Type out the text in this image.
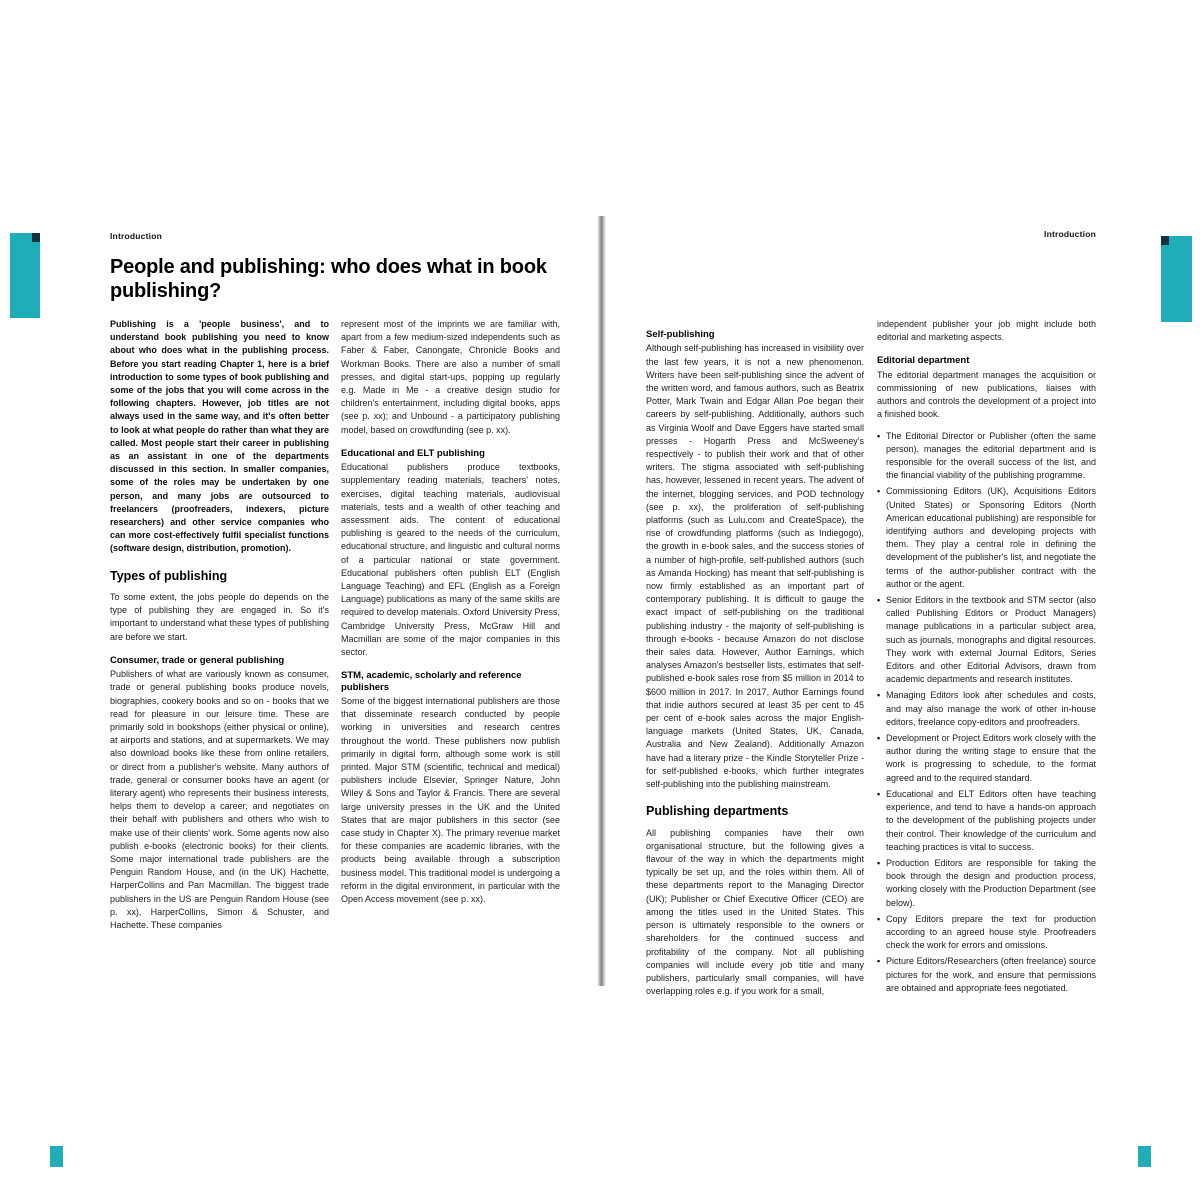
Introduction	Introduction
People and publishing: who does what in book publishing?
Publishing is a 'people business', and to understand book publishing you need to know about who does what in the publishing process. Before you start reading Chapter 1, here is a brief introduction to some types of book publishing and some of the jobs that you will come across in the following chapters. However, job titles are not always used in the same way, and it's often better to look at what people do rather than what they are called. Most people start their career in publishing as an assistant in one of the departments discussed in this section. In smaller companies, some of the roles may be undertaken by one person, and many jobs are outsourced to freelancers (proofreaders, indexers, picture researchers) and other service companies who can more cost-effectively fulfil specialist functions (software design, distribution, promotion).
Types of publishing
To some extent, the jobs people do depends on the type of publishing they are engaged in. So it's important to understand what these types of publishing are before we start.
Consumer, trade or general publishing
Publishers of what are variously known as consumer, trade or general publishing books produce novels, biographies, cookery books and so on - books that we read for pleasure in our leisure time. These are primarily sold in bookshops (either physical or online), at airports and stations, and at supermarkets. We may also download books like these from online retailers, or direct from a publisher's website. Many authors of trade, general or consumer books have an agent (or literary agent) who represents their business interests, helps them to develop a career, and negotiates on their behalf with publishers and others who wish to make use of their clients' work. Some agents now also publish e-books (electronic books) for their clients. Some major international trade publishers are the Penguin Random House, and (in the UK) Hachette, HarperCollins and Pan Macmillan. The biggest trade publishers in the US are Penguin Random House (see p. xx), HarperCollins, Simon & Schuster, and Hachette. These companies
represent most of the imprints we are familiar with, apart from a few medium-sized independents such as Faber & Faber, Canongate, Chronicle Books and Workman Books. There are also a number of small presses, and digital start-ups, popping up regularly e.g. Made in Me - a creative design studio for children's entertainment, including digital books, apps (see p. xx); and Unbound - a participatory publishing model, based on crowdfunding (see p. xx).
Educational and ELT publishing
Educational publishers produce textbooks, supplementary reading materials, teachers' notes, exercises, digital teaching materials, audiovisual materials, tests and a wealth of other teaching and assessment aids. The content of educational publishing is geared to the needs of the curriculum, educational structure, and linguistic and cultural norms of a particular national or state government. Educational publishers often publish ELT (English Language Teaching) and EFL (English as a Foreign Language) publications as many of the same skills are required to develop materials. Oxford University Press, Cambridge University Press, McGraw Hill and Macmillan are some of the major companies in this sector.
STM, academic, scholarly and reference publishers
Some of the biggest international publishers are those that disseminate research conducted by people working in universities and research centres throughout the world. These publishers now publish primarily in digital form, although some work is still printed. Major STM (scientific, technical and medical) publishers include Elsevier, Springer Nature, John Wiley & Sons and Taylor & Francis. There are several large university presses in the UK and the United States that are major publishers in this sector (see case study in Chapter X). The primary revenue market for these companies are academic libraries, with the products being available through a subscription business model. This traditional model is undergoing a reform in the digital environment, in particular with the Open Access movement (see p. xx).
Self-publishing
Although self-publishing has increased in visibility over the last few years, it is not a new phenomenon. Writers have been self-publishing since the advent of the written word, and famous authors, such as Beatrix Potter, Mark Twain and Edgar Allan Poe began their careers by self-publishing. Additionally, authors such as Virginia Woolf and Dave Eggers have started small presses - Hogarth Press and McSweeney's respectively - to publish their work and that of other writers. The stigma associated with self-publishing has, however, lessened in recent years. The advent of the internet, blogging services, and POD technology (see p. xx), the proliferation of self-publishing platforms (such as Lulu.com and CreateSpace), the rise of crowdfunding platforms (such as Indiegogo), the growth in e-book sales, and the success stories of a number of high-profile, self-published authors (such as Amanda Hocking) has meant that self-publishing is now firmly established as an important part of contemporary publishing. It is difficult to gauge the exact impact of self-publishing on the traditional publishing industry - the majority of self-publishing is through e-books - because Amazon do not disclose their sales data. However, Author Earnings, which analyses Amazon's bestseller lists, estimates that self-published e-book sales rose from $5 million in 2014 to $600 million in 2017. In 2017, Author Earnings found that indie authors secured at least 35 per cent to 45 per cent of e-book sales across the major English-language markets (United States, UK, Canada, Australia and New Zealand). Additionally Amazon have had a literary prize - the Kindle Storyteller Prize - for self-published e-books, which further integrates self-publishing into the publishing mainstream.
Publishing departments
All publishing companies have their own organisational structure, but the following gives a flavour of the way in which the departments might typically be set up, and the roles within them. All of these departments report to the Managing Director (UK); Publisher or Chief Executive Officer (CEO) are among the titles used in the United States. This person is ultimately responsible to the owners or shareholders for the continued success and profitability of the company. Not all publishing companies will include every job title and many publishers, particularly small companies, will have overlapping roles e.g. if you work for a small,
independent publisher your job might include both editorial and marketing aspects.
Editorial department
The editorial department manages the acquisition or commissioning of new publications, liaises with authors and controls the development of a project into a finished book.
• The Editorial Director or Publisher (often the same person), manages the editorial department and is responsible for the overall success of the list, and the financial viability of the publishing programme.
• Commissioning Editors (UK), Acquisitions Editors (United States) or Sponsoring Editors (North American educational publishing) are responsible for identifying authors and developing projects with them. They play a central role in defining the development of the publisher's list, and negotiate the terms of the author-publisher contract with the author or the agent.
• Senior Editors in the textbook and STM sector (also called Publishing Editors or Product Managers) manage publications in a particular subject area, such as journals, monographs and digital resources. They work with external Journal Editors, Series Editors and other Editorial Advisors, drawn from academic departments and research institutes.
• Managing Editors look after schedules and costs, and may also manage the work of other in-house editors, freelance copy-editors and proofreaders.
• Development or Project Editors work closely with the author during the writing stage to ensure that the work is progressing to schedule, to the format agreed and to the required standard.
• Educational and ELT Editors often have teaching experience, and tend to have a hands-on approach to the development of the publishing projects under their control. Their knowledge of the curriculum and teaching practices is vital to success.
• Production Editors are responsible for taking the book through the design and production process, working closely with the Production Department (see below).
• Copy Editors prepare the text for production according to an agreed house style. Proofreaders check the work for errors and omissions.
• Picture Editors/Researchers (often freelance) source pictures for the work, and ensure that permissions are obtained and appropriate fees negotiated.
